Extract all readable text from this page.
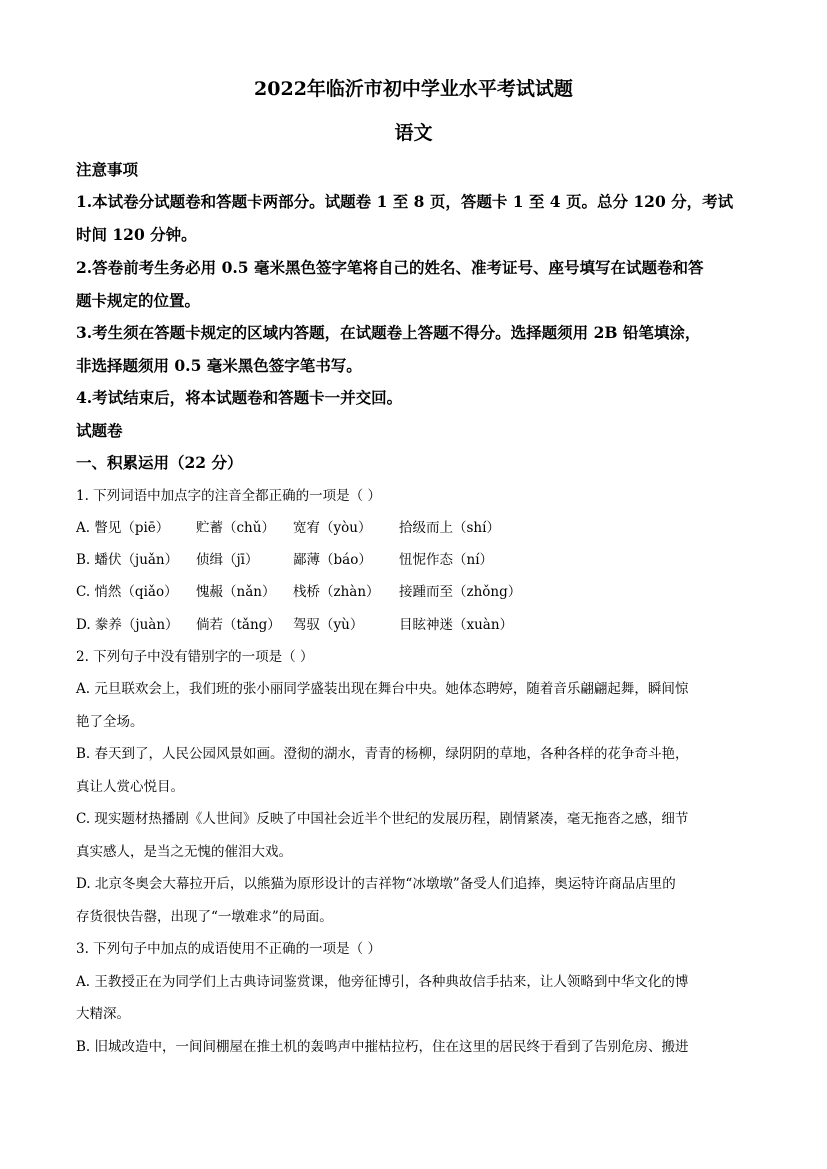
2022年临沂市初中学业水平考试试题
语文
注意事项
1.本试卷分试题卷和答题卡两部分。试题卷 1 至 8 页，答题卡 1 至 4 页。总分 120 分，考试
时间 120 分钟。
2.答卷前考生务必用 0.5 毫米黑色签字笔将自己的姓名、准考证号、座号填写在试题卷和答
题卡规定的位置。
3.考生须在答题卡规定的区域内答题，在试题卷上答题不得分。选择题须用 2B 铅笔填涂，
非选择题须用 0.5 毫米黑色签字笔书写。
4.考试结束后，将本试题卷和答题卡一并交回。
试题卷
一、积累运用（22 分）
1. 下列词语中加点字的注音全都正确的一项是（ ）
A. 瞥见（piē） 贮蓄（chǔ） 宽宥（yòu） 拾级而上（shí）
B. 蟠伏（juǎn） 侦缉（jī）	鄙薄（báo） 忸怩作态（ní）
C. 悄然（qiǎo） 愧赧（nǎn） 栈桥（zhàn） 接踵而至（zhǒng）
D. 豢养（juàn） 倘若（tǎng） 驾驭（yù）	目眩神迷（xuàn）
2. 下列句子中没有错别字的一项是（ ）
A. 元旦联欢会上，我们班的张小丽同学盛装出现在舞台中央。她体态聘婷，随着音乐翩翩起舞，瞬间惊
艳了全场。
B. 春天到了，人民公园风景如画。澄彻的湖水，青青的杨柳，绿阴阴的草地，各种各样的花争奇斗艳，
真让人赏心悦目。
C. 现实题材热播剧《人世间》反映了中国社会近半个世纪的发展历程，剧情紧凑，毫无拖沓之感，细节
真实感人，是当之无愧的催泪大戏。
D. 北京冬奥会大幕拉开后，以熊猫为原形设计的吉祥物“冰墩墩”备受人们追捧，奥运特许商品店里的
存货很快告罄，出现了“一墩难求”的局面。
3. 下列句子中加点的成语使用不正确的一项是（ ）
A. 王教授正在为同学们上古典诗词鉴赏课，他旁征博引，各种典故信手拈来，让人领略到中华文化的博
大精深。
B. 旧城改造中，一间间棚屋在推土机的轰鸣声中摧枯拉朽，住在这里的居民终于看到了告别危房、搬进
